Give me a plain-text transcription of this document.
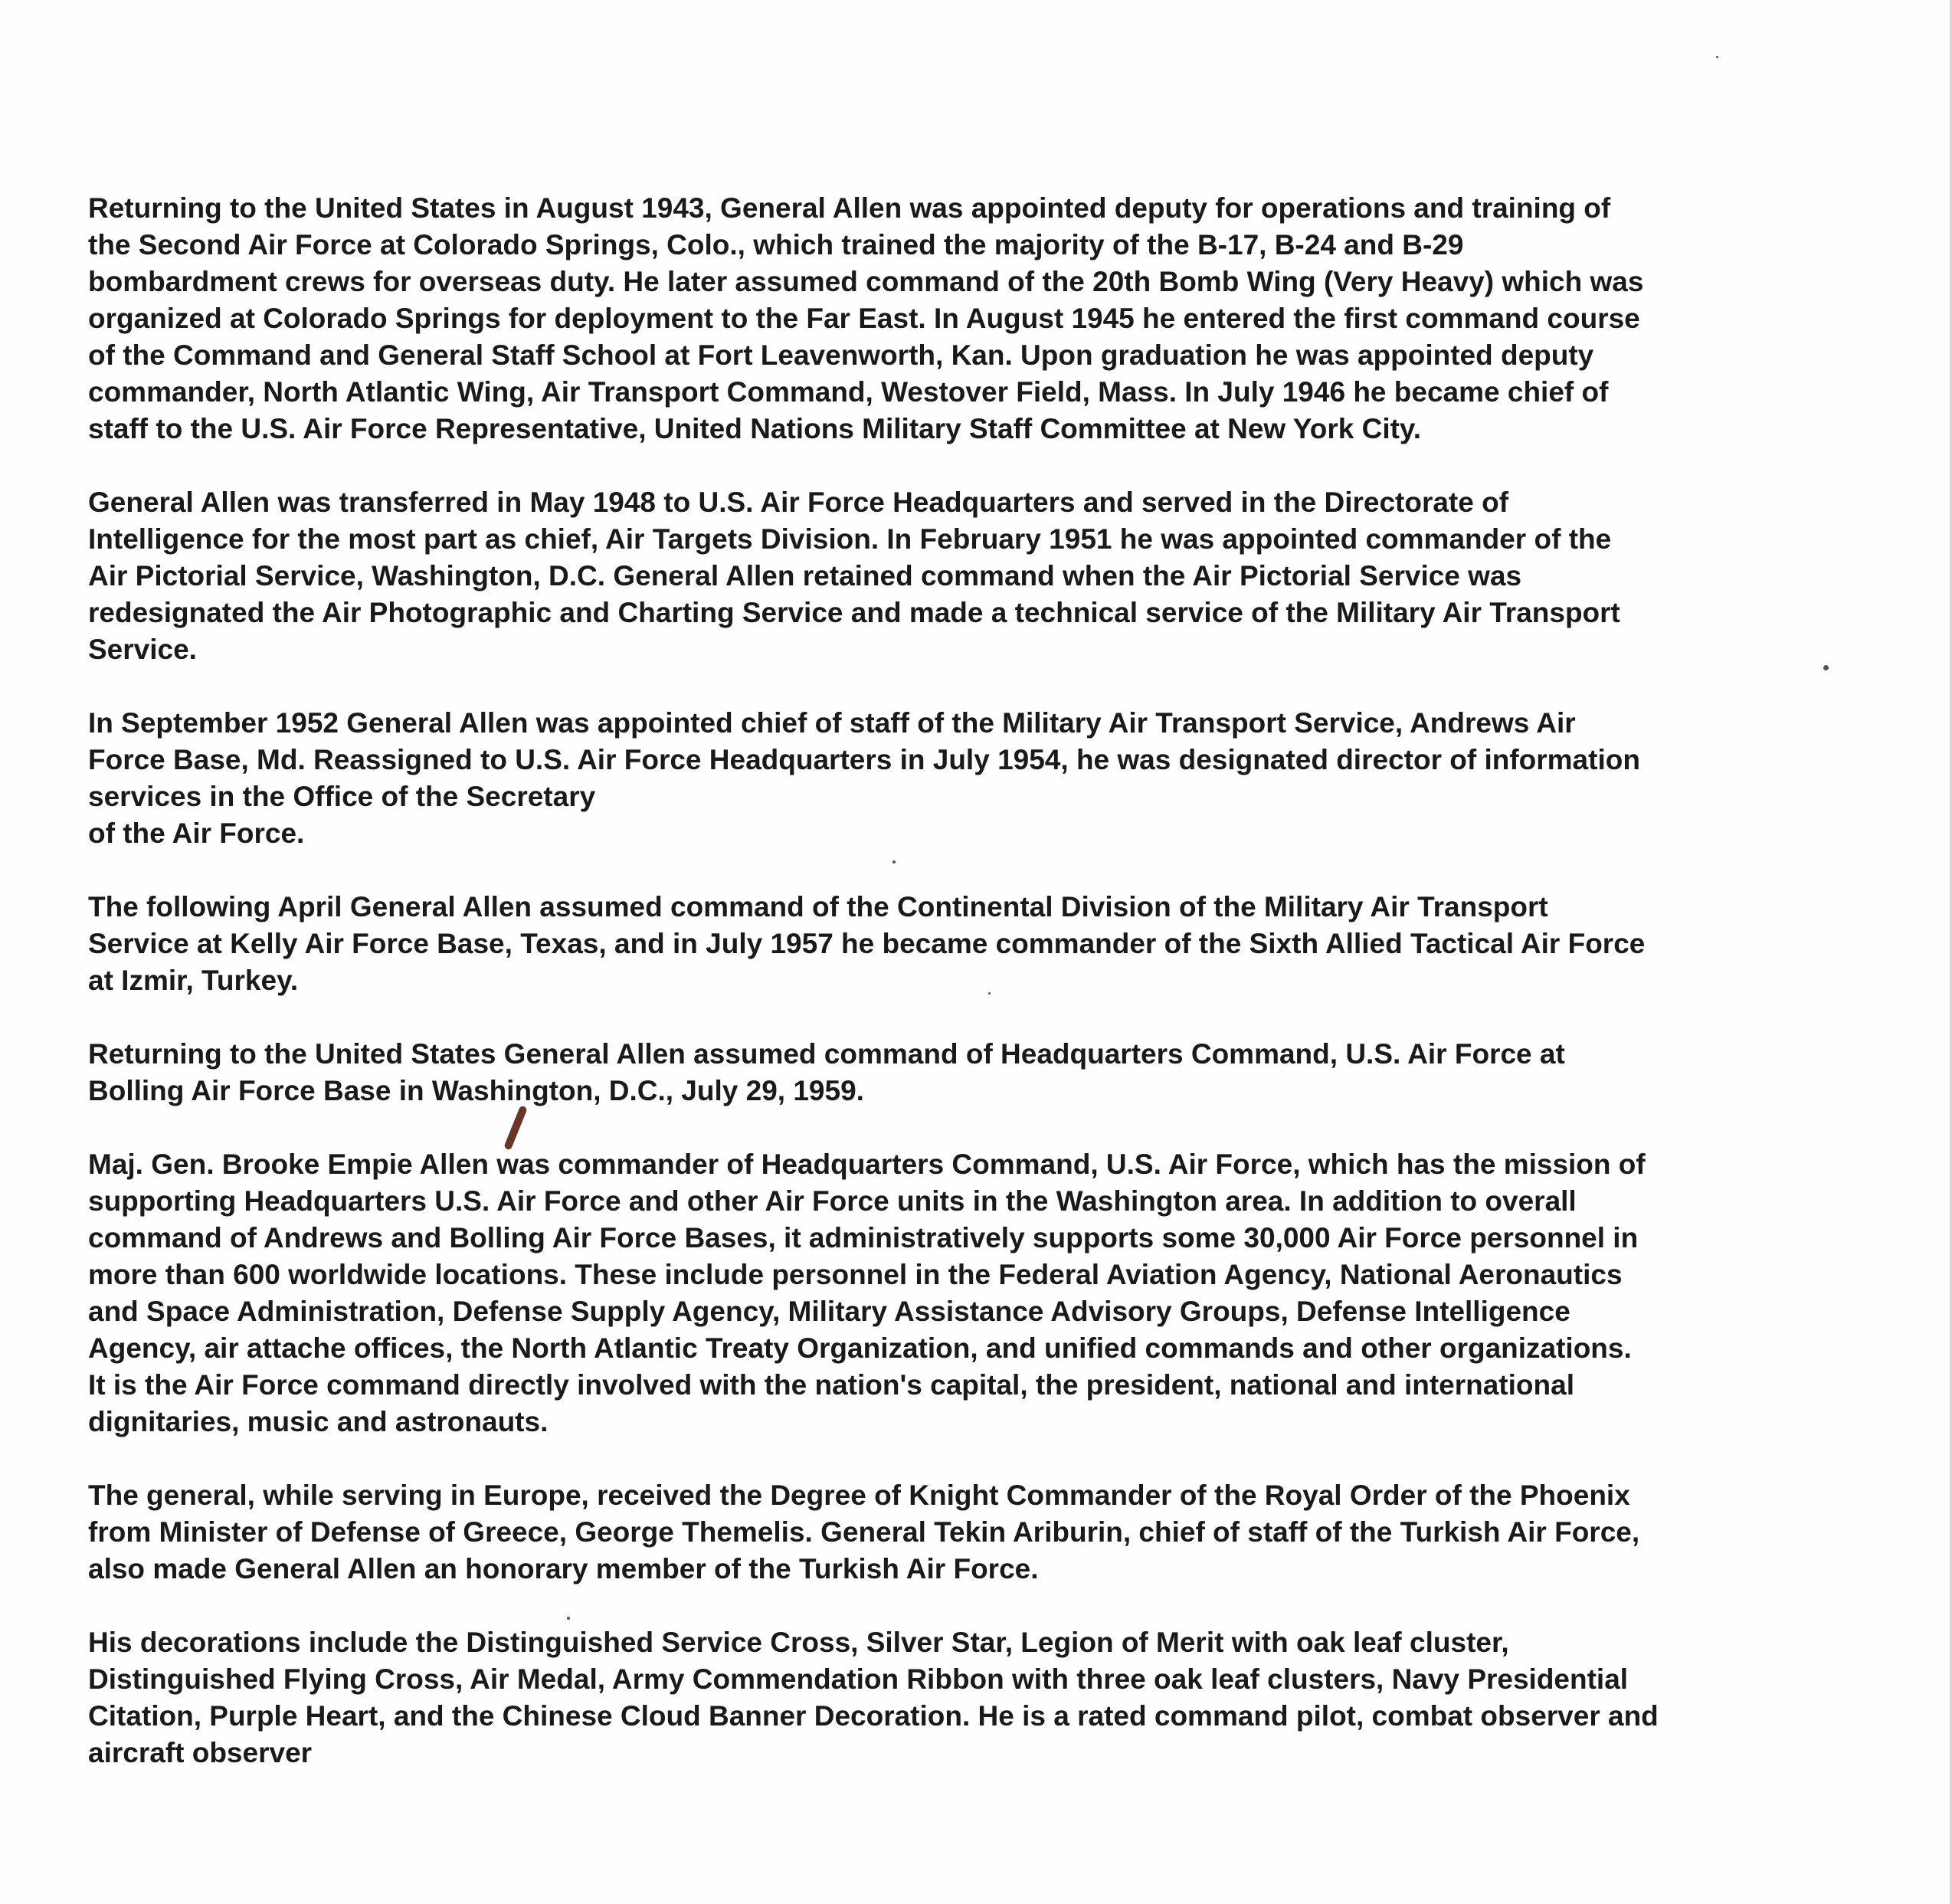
Returning to the United States in August 1943, General Allen was appointed deputy for operations and training of
the Second Air Force at Colorado Springs, Colo., which trained the majority of the B-17, B-24 and B-29
bombardment crews for overseas duty. He later assumed command of the 20th Bomb Wing (Very Heavy) which was
organized at Colorado Springs for deployment to the Far East. In August 1945 he entered the first command course
of the Command and General Staff School at Fort Leavenworth, Kan. Upon graduation he was appointed deputy
commander, North Atlantic Wing, Air Transport Command, Westover Field, Mass. In July 1946 he became chief of
staff to the U.S. Air Force Representative, United Nations Military Staff Committee at New York City.

General Allen was transferred in May 1948 to U.S. Air Force Headquarters and served in the Directorate of
Intelligence for the most part as chief, Air Targets Division. In February 1951 he was appointed commander of the
Air Pictorial Service, Washington, D.C. General Allen retained command when the Air Pictorial Service was
redesignated the Air Photographic and Charting Service and made a technical service of the Military Air Transport
Service.

In September 1952 General Allen was appointed chief of staff of the Military Air Transport Service, Andrews Air
Force Base, Md. Reassigned to U.S. Air Force Headquarters in July 1954, he was designated director of information
services in the Office of the Secretary
of the Air Force.

The following April General Allen assumed command of the Continental Division of the Military Air Transport
Service at Kelly Air Force Base, Texas, and in July 1957 he became commander of the Sixth Allied Tactical Air Force
at Izmir, Turkey.

Returning to the United States General Allen assumed command of Headquarters Command, U.S. Air Force at
Bolling Air Force Base in Washington, D.C., July 29, 1959.

Maj. Gen. Brooke Empie Allen was commander of Headquarters Command, U.S. Air Force, which has the mission of
supporting Headquarters U.S. Air Force and other Air Force units in the Washington area. In addition to overall
command of Andrews and Bolling Air Force Bases, it administratively supports some 30,000 Air Force personnel in
more than 600 worldwide locations. These include personnel in the Federal Aviation Agency, National Aeronautics
and Space Administration, Defense Supply Agency, Military Assistance Advisory Groups, Defense Intelligence
Agency, air attache offices, the North Atlantic Treaty Organization, and unified commands and other organizations.
It is the Air Force command directly involved with the nation's capital, the president, national and international
dignitaries, music and astronauts.

The general, while serving in Europe, received the Degree of Knight Commander of the Royal Order of the Phoenix
from Minister of Defense of Greece, George Themelis. General Tekin Ariburin, chief of staff of the Turkish Air Force,
also made General Allen an honorary member of the Turkish Air Force.

His decorations include the Distinguished Service Cross, Silver Star, Legion of Merit with oak leaf cluster,
Distinguished Flying Cross, Air Medal, Army Commendation Ribbon with three oak leaf clusters, Navy Presidential
Citation, Purple Heart, and the Chinese Cloud Banner Decoration. He is a rated command pilot, combat observer and
aircraft observer
